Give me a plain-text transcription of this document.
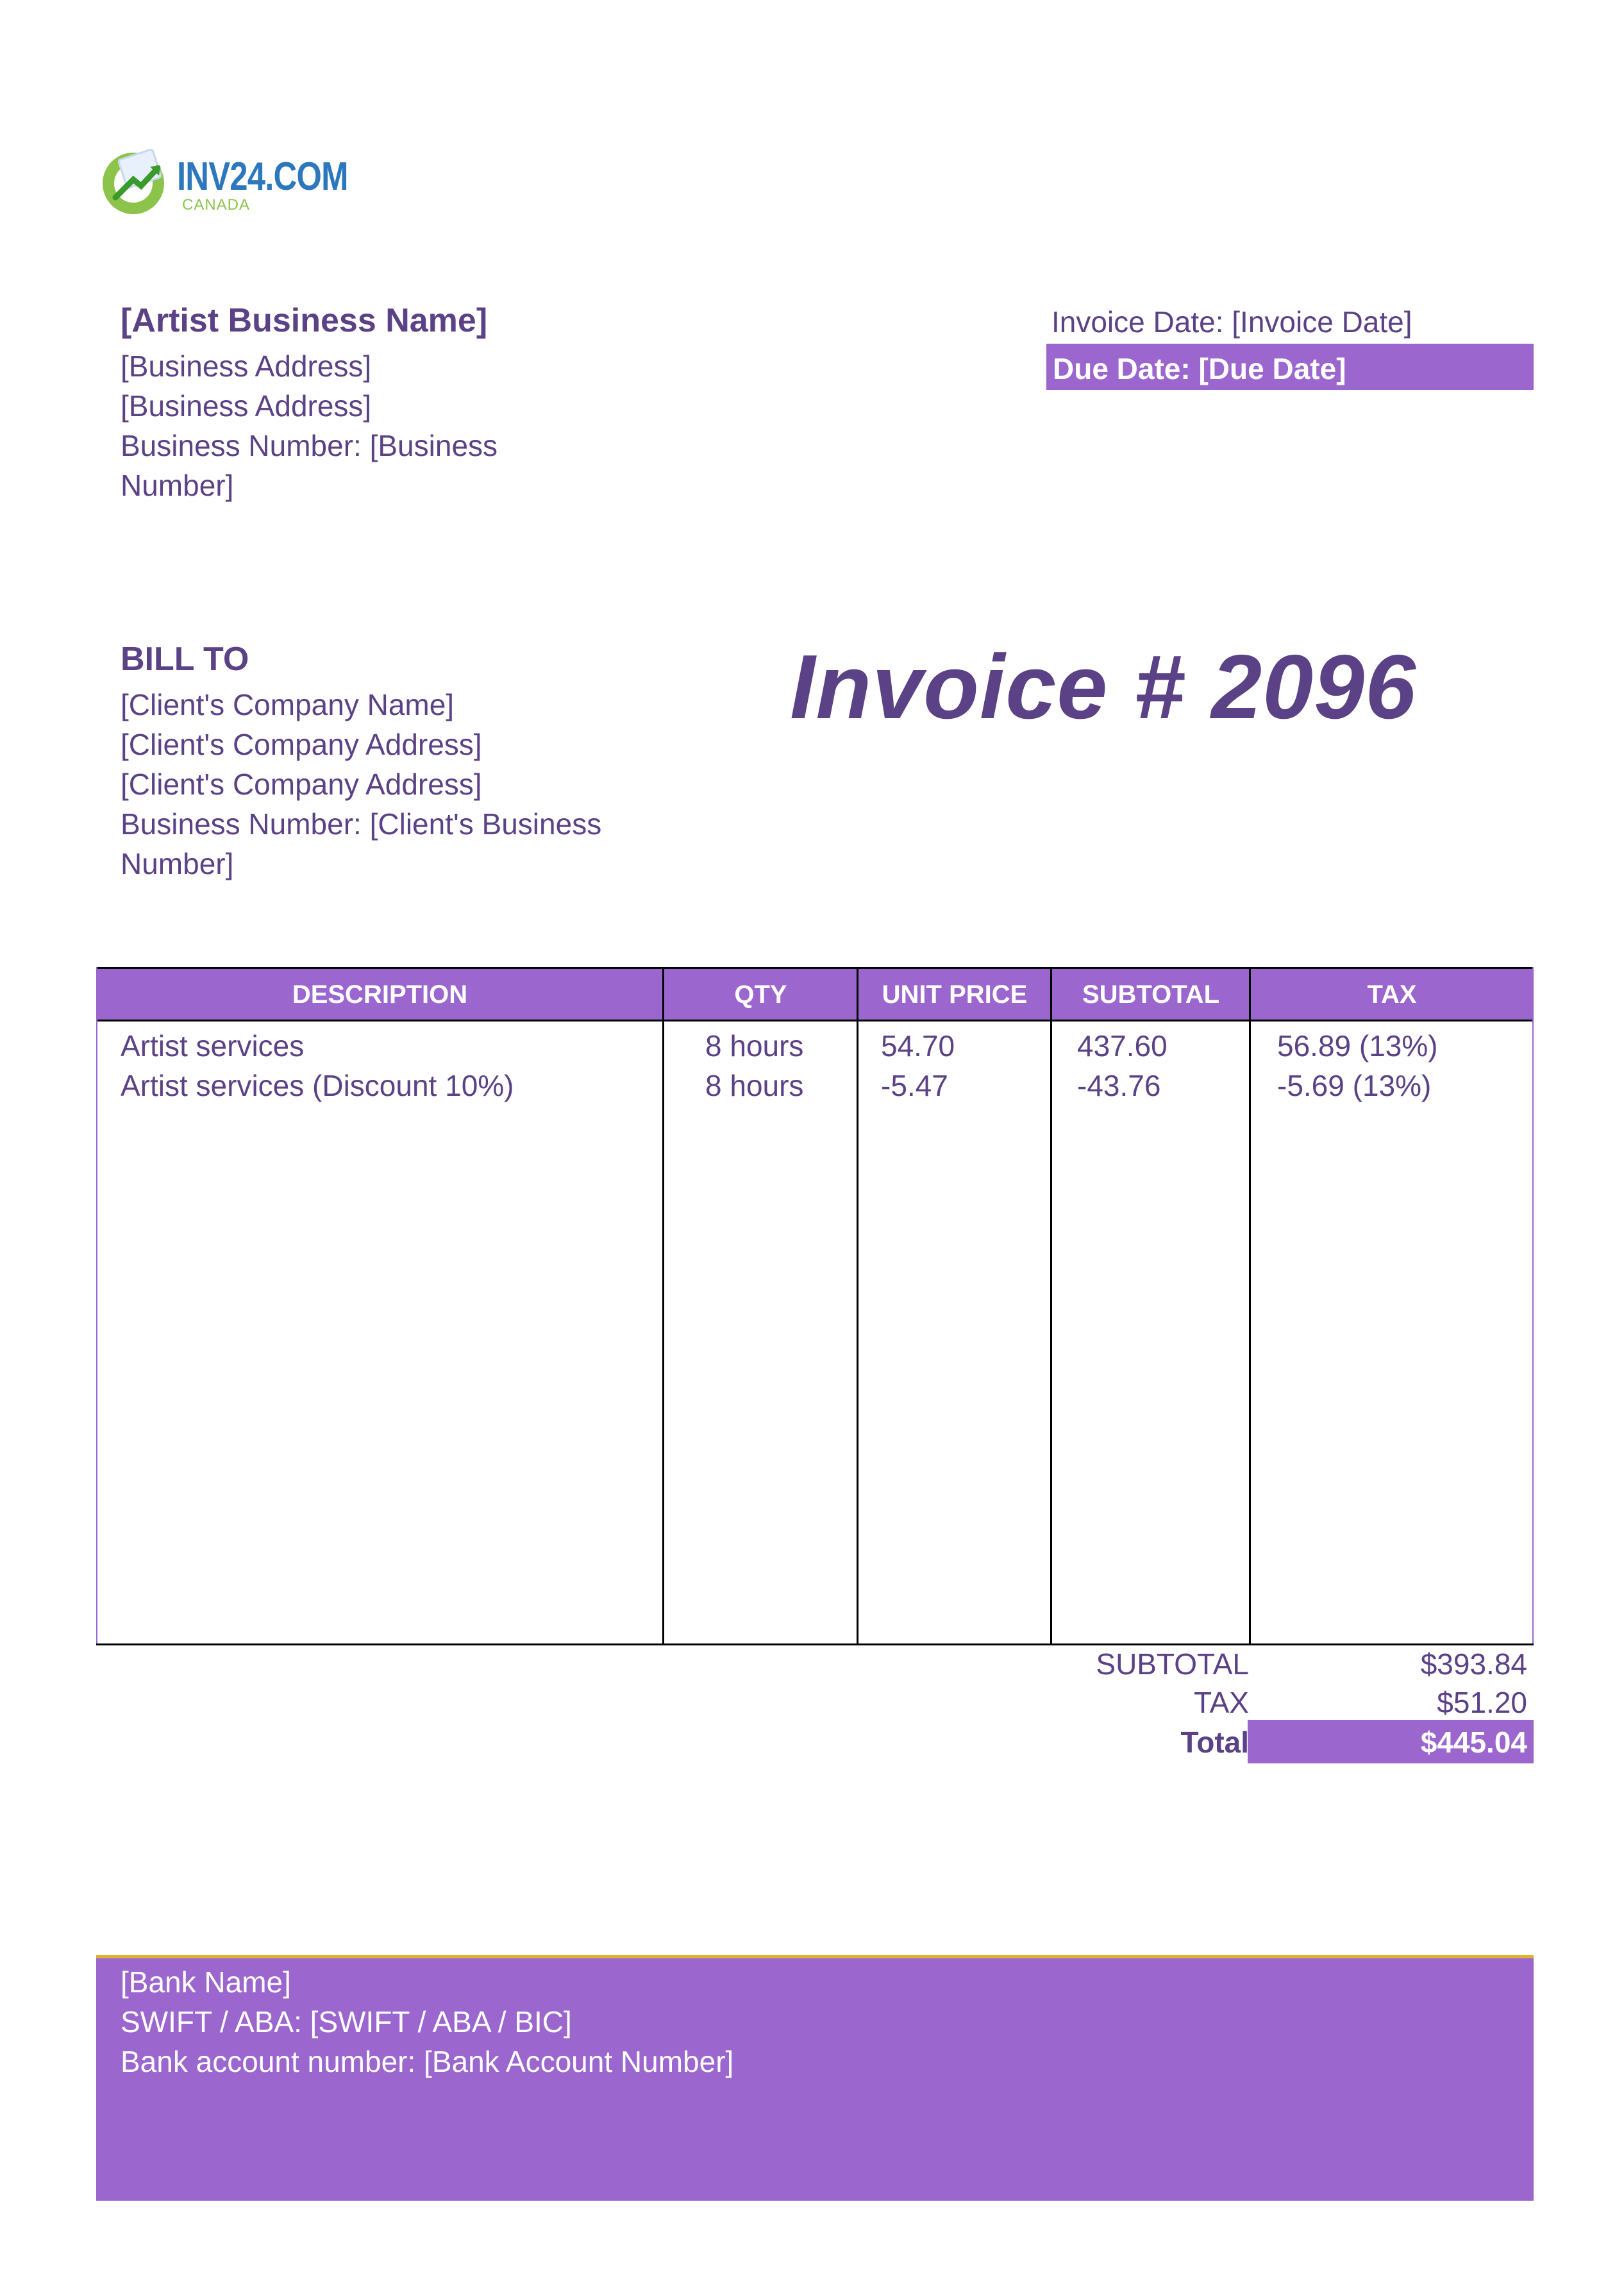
INV24.COM
CANADA
[Artist Business Name]
[Business Address]
[Business Address]
Business Number: [Business
Number]
Invoice Date: [Invoice Date]
Due Date: [Due Date]
BILL TO
[Client's Company Name]
[Client's Company Address]
[Client's Company Address]
Business Number: [Client's Business
Number]
Invoice # 2096
DESCRIPTION	QTY	UNIT PRICE	SUBTOTAL	TAX
Artist services	8 hours	54.70	437.60	56.89 (13%)
Artist services (Discount 10%)	8 hours	-5.47	-43.76	-5.69 (13%)
SUBTOTAL	$393.84
TAX	$51.20
Total	$445.04
[Bank Name]
SWIFT / ABA: [SWIFT / ABA / BIC]
Bank account number: [Bank Account Number]
